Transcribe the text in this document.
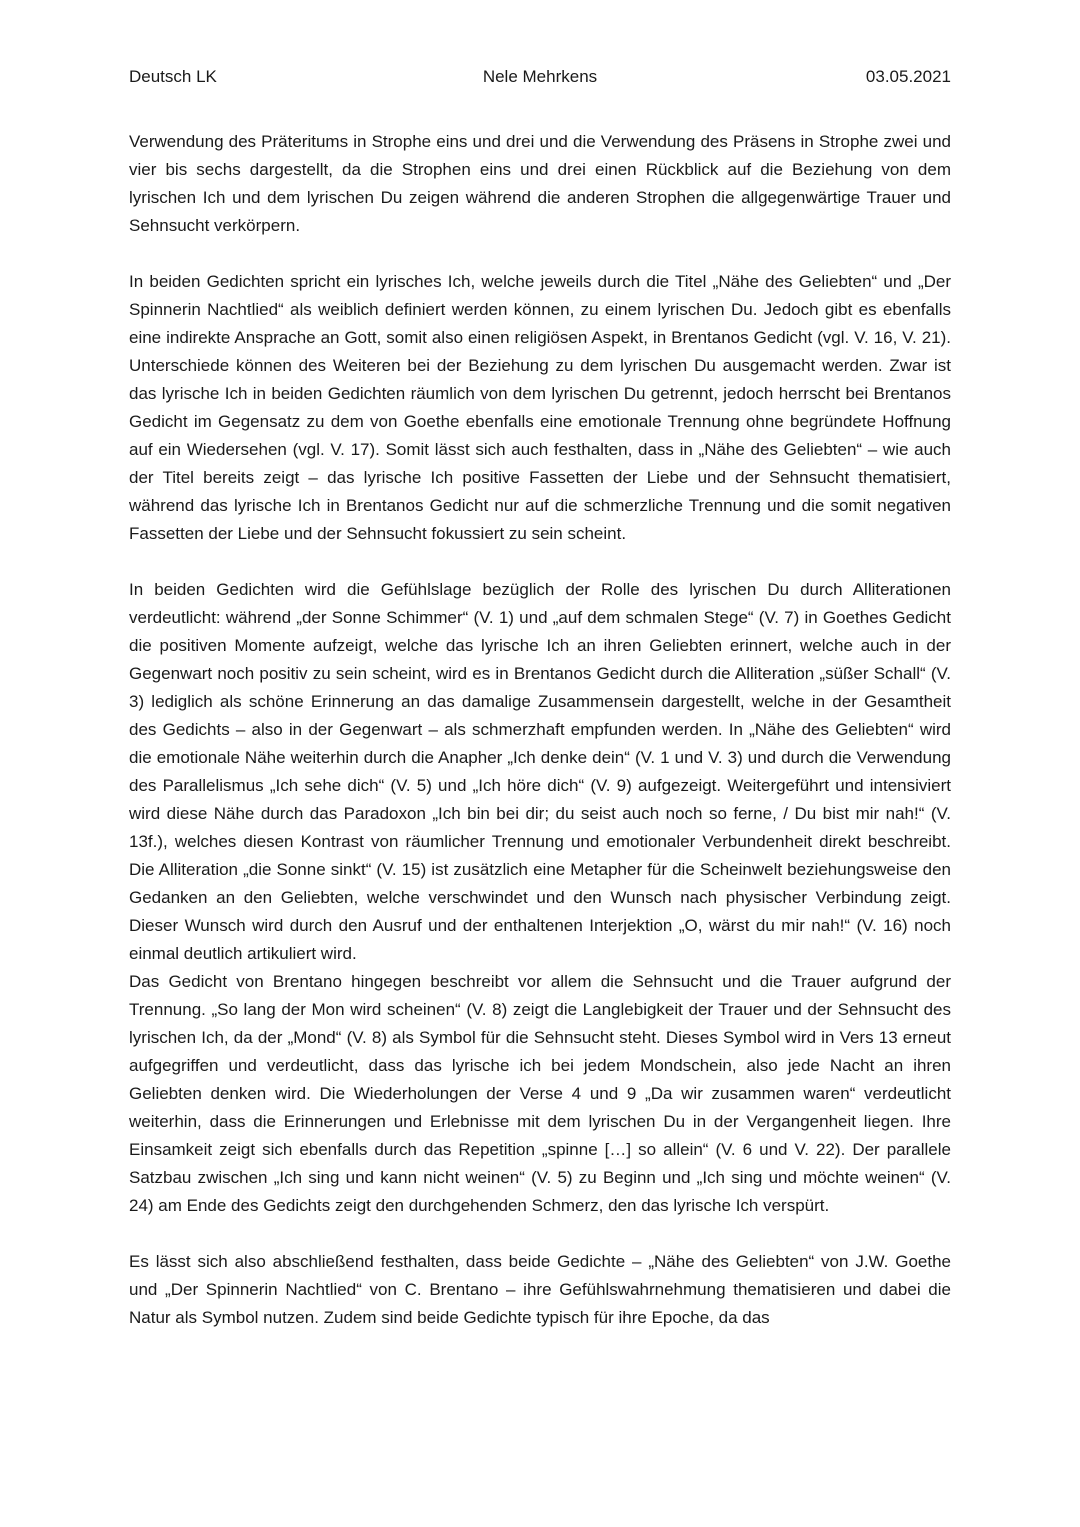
Deutsch LK	Nele Mehrkens	03.05.2021

Verwendung des Präteritums in Strophe eins und drei und die Verwendung des Präsens in Strophe zwei und vier bis sechs dargestellt, da die Strophen eins und drei einen Rückblick auf die Beziehung von dem lyrischen Ich und dem lyrischen Du zeigen während die anderen Strophen die allgegenwärtige Trauer und Sehnsucht verkörpern.

In beiden Gedichten spricht ein lyrisches Ich, welche jeweils durch die Titel „Nähe des Geliebten“ und „Der Spinnerin Nachtlied“ als weiblich definiert werden können, zu einem lyrischen Du. Jedoch gibt es ebenfalls eine indirekte Ansprache an Gott, somit also einen religiösen Aspekt, in Brentanos Gedicht (vgl. V. 16, V. 21). Unterschiede können des Weiteren bei der Beziehung zu dem lyrischen Du ausgemacht werden. Zwar ist das lyrische Ich in beiden Gedichten räumlich von dem lyrischen Du getrennt, jedoch herrscht bei Brentanos Gedicht im Gegensatz zu dem von Goethe ebenfalls eine emotionale Trennung ohne begründete Hoffnung auf ein Wiedersehen (vgl. V. 17). Somit lässt sich auch festhalten, dass in „Nähe des Geliebten“ – wie auch der Titel bereits zeigt – das lyrische Ich positive Fassetten der Liebe und der Sehnsucht thematisiert, während das lyrische Ich in Brentanos Gedicht nur auf die schmerzliche Trennung und die somit negativen Fassetten der Liebe und der Sehnsucht fokussiert zu sein scheint.

In beiden Gedichten wird die Gefühlslage bezüglich der Rolle des lyrischen Du durch Alliterationen verdeutlicht: während „der Sonne Schimmer“ (V. 1) und „auf dem schmalen Stege“ (V. 7) in Goethes Gedicht die positiven Momente aufzeigt, welche das lyrische Ich an ihren Geliebten erinnert, welche auch in der Gegenwart noch positiv zu sein scheint, wird es in Brentanos Gedicht durch die Alliteration „süßer Schall“ (V. 3) lediglich als schöne Erinnerung an das damalige Zusammensein dargestellt, welche in der Gesamtheit des Gedichts – also in der Gegenwart – als schmerzhaft empfunden werden. In „Nähe des Geliebten“ wird die emotionale Nähe weiterhin durch die Anapher „Ich denke dein“ (V. 1 und V. 3) und durch die Verwendung des Parallelismus „Ich sehe dich“ (V. 5) und „Ich höre dich“ (V. 9) aufgezeigt. Weitergeführt und intensiviert wird diese Nähe durch das Paradoxon „Ich bin bei dir; du seist auch noch so ferne, / Du bist mir nah!“ (V. 13f.), welches diesen Kontrast von räumlicher Trennung und emotionaler Verbundenheit direkt beschreibt. Die Alliteration „die Sonne sinkt“ (V. 15) ist zusätzlich eine Metapher für die Scheinwelt beziehungsweise den Gedanken an den Geliebten, welche verschwindet und den Wunsch nach physischer Verbindung zeigt. Dieser Wunsch wird durch den Ausruf und der enthaltenen Interjektion „O, wärst du mir nah!“ (V. 16) noch einmal deutlich artikuliert wird.

Das Gedicht von Brentano hingegen beschreibt vor allem die Sehnsucht und die Trauer aufgrund der Trennung. „So lang der Mon wird scheinen“ (V. 8) zeigt die Langlebigkeit der Trauer und der Sehnsucht des lyrischen Ich, da der „Mond“ (V. 8) als Symbol für die Sehnsucht steht. Dieses Symbol wird in Vers 13 erneut aufgegriffen und verdeutlicht, dass das lyrische ich bei jedem Mondschein, also jede Nacht an ihren Geliebten denken wird. Die Wiederholungen der Verse 4 und 9 „Da wir zusammen waren“ verdeutlicht weiterhin, dass die Erinnerungen und Erlebnisse mit dem lyrischen Du in der Vergangenheit liegen. Ihre Einsamkeit zeigt sich ebenfalls durch das Repetition „spinne […] so allein“ (V. 6 und V. 22). Der parallele Satzbau zwischen „Ich sing und kann nicht weinen“ (V. 5) zu Beginn und „Ich sing und möchte weinen“ (V. 24) am Ende des Gedichts zeigt den durchgehenden Schmerz, den das lyrische Ich verspürt.

Es lässt sich also abschließend festhalten, dass beide Gedichte – „Nähe des Geliebten“ von J.W. Goethe und „Der Spinnerin Nachtlied“ von C. Brentano – ihre Gefühlswahrnehmung thematisieren und dabei die Natur als Symbol nutzen. Zudem sind beide Gedichte typisch für ihre Epoche, da das
